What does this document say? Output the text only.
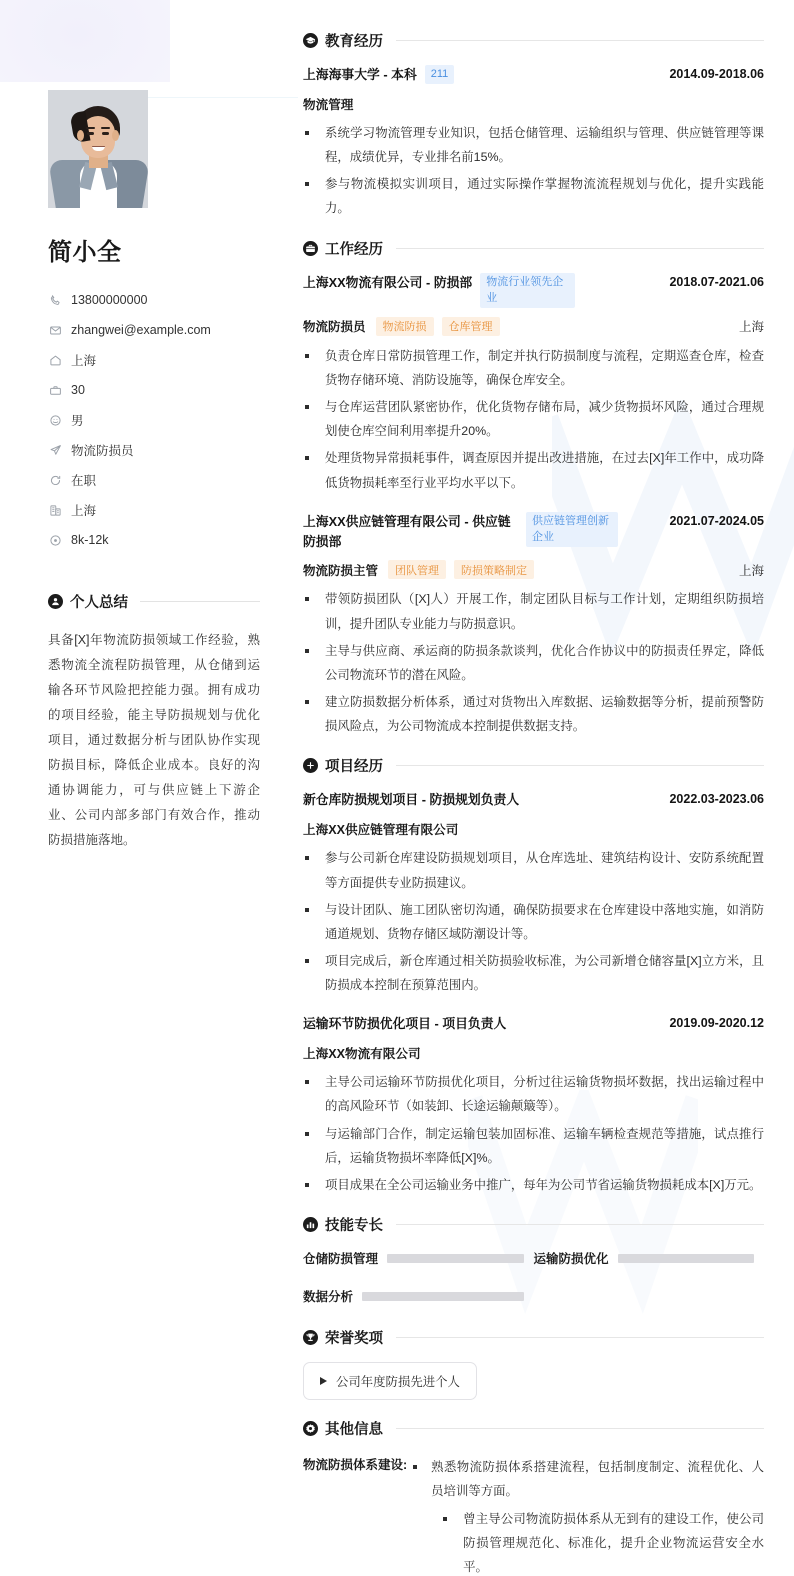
简小全
13800000000
zhangwei@example.com
上海
30
男
物流防损员
在职
上海
8k-12k
个人总结

具备[X]年物流防损领域工作经验，熟悉物流全流程防损管理，从仓储到运输各环节风险把控能力强。拥有成功的项目经验，能主导防损规划与优化项目，通过数据分析与团队协作实现防损目标，降低企业成本。良好的沟通协调能力，可与供应链上下游企业、公司内部多部门有效合作，推动防损措施落地。

教育经历
上海海事大学 - 本科	211	2014.09-2018.06
物流管理
系统学习物流管理专业知识，包括仓储管理、运输组织与管理、供应链管理等课程，成绩优异，专业排名前15%。
参与物流模拟实训项目，通过实际操作掌握物流流程规划与优化，提升实践能力。
工作经历
上海XX物流有限公司 - 防损部	物流行业领先企业
2018.07-2021.06
物流防损员	物流防损	仓库管理	上海
负责仓库日常防损管理工作，制定并执行防损制度与流程，定期巡查仓库，检查货物存储环境、消防设施等，确保仓库安全。
与仓库运营团队紧密协作，优化货物存储布局，减少货物损坏风险，通过合理规划使仓库空间利用率提升20%。
处理货物异常损耗事件，调查原因并提出改进措施，在过去[X]年工作中，成功降低货物损耗率至行业平均水平以下。
上海XX供应链管理有限公司 - 供应链防损部
供应链管理创新企业
2021.07-2024.05
物流防损主管	团队管理	防损策略制定	上海
带领防损团队（[X]人）开展工作，制定团队目标与工作计划，定期组织防损培训，提升团队专业能力与防损意识。
主导与供应商、承运商的防损条款谈判，优化合作协议中的防损责任界定，降低公司物流环节的潜在风险。
建立防损数据分析体系，通过对货物出入库数据、运输数据等分析，提前预警防损风险点，为公司物流成本控制提供数据支持。
项目经历
新仓库防损规划项目 - 防损规划负责人	2022.03-2023.06
上海XX供应链管理有限公司
参与公司新仓库建设防损规划项目，从仓库选址、建筑结构设计、安防系统配置等方面提供专业防损建议。
与设计团队、施工团队密切沟通，确保防损要求在仓库建设中落地实施，如消防通道规划、货物存储区域防潮设计等。
项目完成后，新仓库通过相关防损验收标准，为公司新增仓储容量[X]立方米，且防损成本控制在预算范围内。
运输环节防损优化项目 - 项目负责人	2019.09-2020.12
上海XX物流有限公司
主导公司运输环节防损优化项目，分析过往运输货物损坏数据，找出运输过程中的高风险环节（如装卸、长途运输颠簸等）。
与运输部门合作，制定运输包装加固标准、运输车辆检查规范等措施，试点推行后，运输货物损坏率降低[X]%。
项目成果在全公司运输业务中推广，每年为公司节省运输货物损耗成本[X]万元。
技能专长
仓储防损管理	运输防损优化
数据分析
荣誉奖项
公司年度防损先进个人
其他信息
物流防损体系建设:	熟悉物流防损体系搭建流程，包括制度制定、流程优化、人员培训等方面。
曾主导公司物流防损体系从无到有的建设工作，使公司防损管理规范化、标准化，提升企业物流运营安全水平。
